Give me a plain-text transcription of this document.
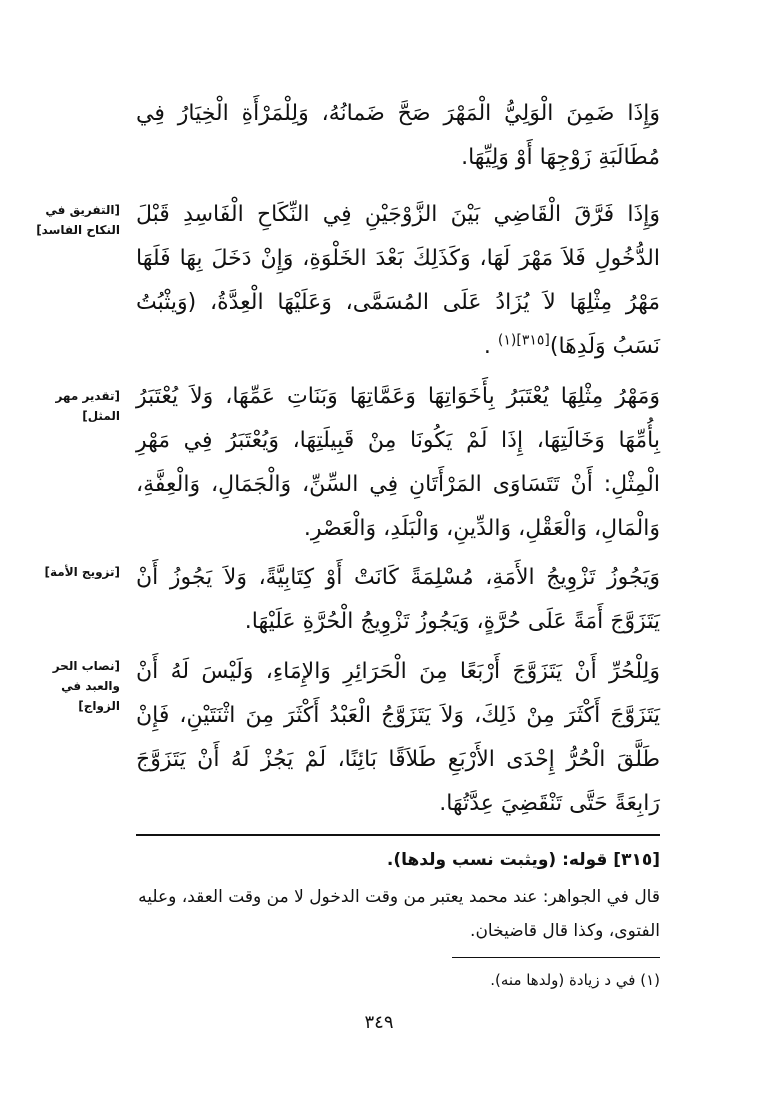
وَإِذَا ضَمِنَ الْوَلِيُّ الْمَهْرَ صَحَّ ضَمانُهُ، وَلِلْمَرْأَةِ الْخِيَارُ فِي مُطَالَبَةِ زَوْجِهَا أَوْ وَلِيِّهَا.

وَإِذَا فَرَّقَ الْقَاضِي بَيْنَ الزَّوْجَيْنِ فِي النِّكَاحِ الْفَاسِدِ قَبْلَ الدُّخُولِ فَلاَ مَهْرَ لَهَا، وَكَذَلِكَ بَعْدَ الخَلْوَةِ، وَإِنْ دَخَلَ بِهَا فَلَهَا مَهْرُ مِثْلِهَا لاَ يُزَادُ عَلَى المُسَمَّى، وَعَلَيْهَا الْعِدَّةُ، (وَيثْبُتُ نَسَبُ وَلَدِهَا)$^{[٣١٥](١)}$ .

وَمَهْرُ مِثْلِهَا يُعْتَبَرُ بِأَخَوَاتِهَا وَعَمَّاتِهَا وَبَنَاتِ عَمِّهَا، وَلاَ يُعْتَبَرُ بِأُمِّهَا وَخَالَتِهَا، إِذَا لَمْ يَكُونَا مِنْ قَبِيلَتِهَا، وَيُعْتَبَرُ فِي مَهْرِ الْمِثْلِ: أَنْ تَتَسَاوَى المَرْأَتَانِ فِي السِّنِّ، وَالْجَمَالِ، وَالْعِفَّةِ، وَالْمَالِ، وَالْعَقْلِ، وَالدِّينِ، وَالْبَلَدِ، وَالْعَصْرِ.

وَيَجُوزُ تَزْوِيجُ الأَمَةِ، مُسْلِمَةً كَانَتْ أَوْ كِتَابِيَّةً، وَلاَ يَجُوزُ أَنْ يَتَزَوَّجَ أَمَةً عَلَى حُرَّةٍ، وَيَجُوزُ تَزْوِيجُ الْحُرَّةِ عَلَيْهَا.

وَلِلْحُرِّ أَنْ يَتَزَوَّجَ أَرْبَعًا مِنَ الْحَرَائِرِ وَالإِمَاءِ، وَلَيْسَ لَهُ أَنْ يَتَزَوَّجَ أَكْثَرَ مِنْ ذَلِكَ، وَلاَ يَتَزَوَّجُ الْعَبْدُ أَكْثَرَ مِنَ اثْنَتَيْنِ، فَإِنْ طَلَّقَ الْحُرُّ إِحْدَى الأَرْبَعِ طَلاَقًا بَائِنًا، لَمْ يَجُزْ لَهُ أَنْ يَتَزَوَّجَ رَابِعَةً حَتَّى تَنْقَضِيَ عِدَّتُهَا.

[التفريق في النكاح الفاسد]
[تقدير مهر المثل]
[تزويج الأمة]
[نصاب الحر والعبد في الزواج]

[٣١٥] قوله: (ويثبت نسب ولدها).

قال في الجواهر: عند محمد يعتبر من وقت الدخول لا من وقت العقد، وعليه الفتوى، وكذا قال قاضيخان.

(١) في د زيادة (ولدها منه).

٣٤٩
